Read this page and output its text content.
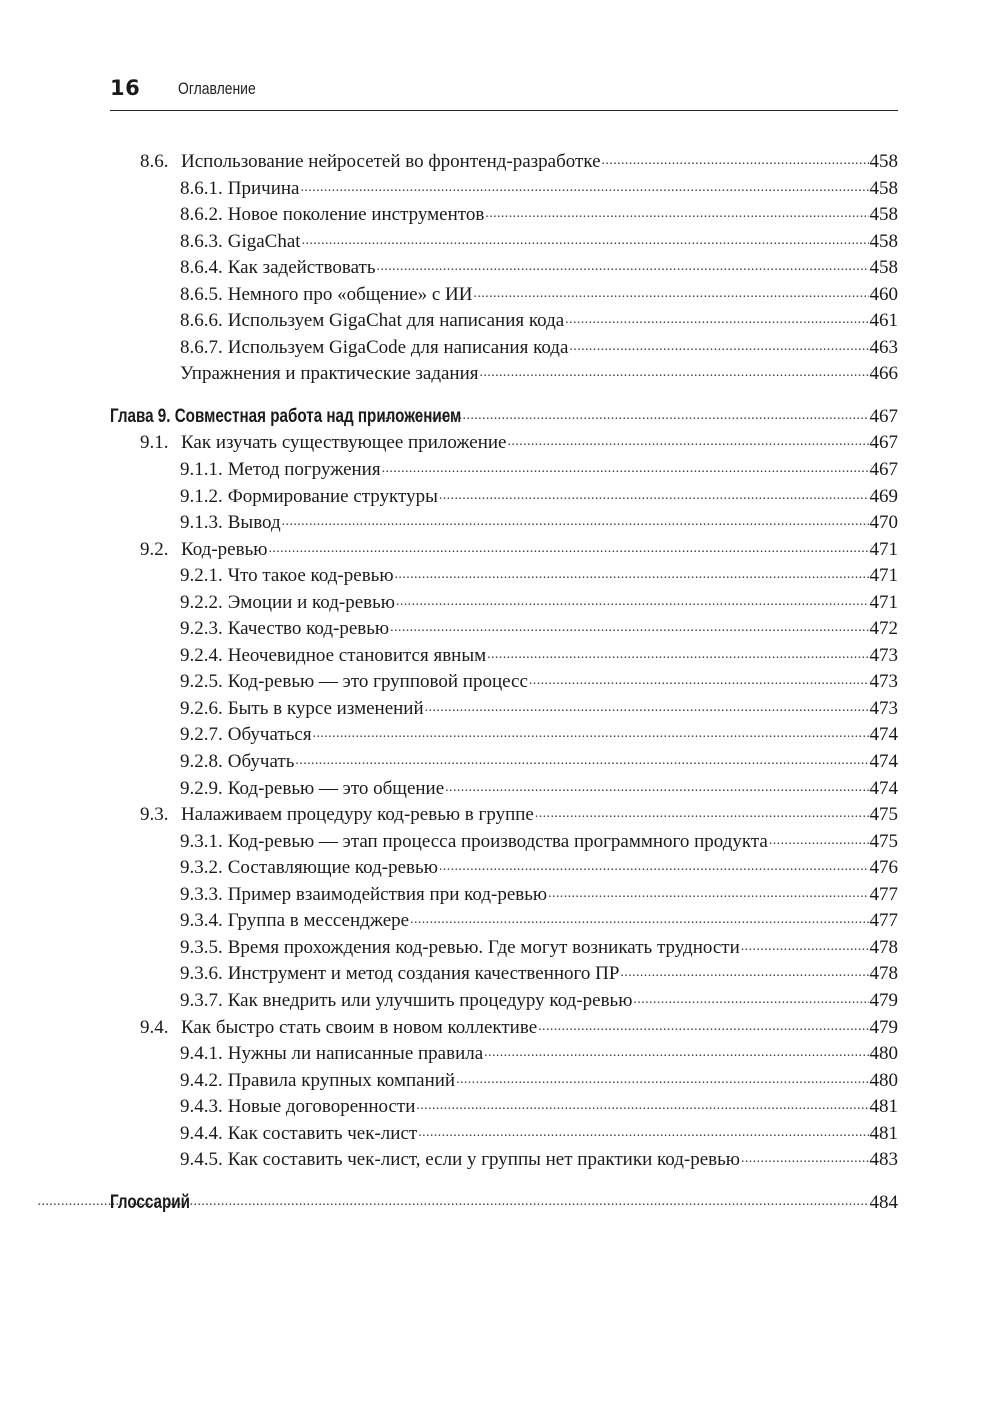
16 Оглавление
8.6. Использование нейросетей во фронтенд-разработке .....	458
8.6.1. Причина .....	458
8.6.2. Новое поколение инструментов .....	458
8.6.3. GigaChat .....	458
8.6.4. Как задействовать .....	458
8.6.5. Немного про «общение» с ИИ .....	460
8.6.6. Используем GigaChat для написания кода .....	461
8.6.7. Используем GigaCode для написания кода .....	463
Упражнения и практические задания .....	466
Глава 9. Совместная работа над приложением .....	467
9.1. Как изучать существующее приложение .....	467
9.1.1. Метод погружения .....	467
9.1.2. Формирование структуры .....	469
9.1.3. Вывод .....	470
9.2. Код-ревью .....	471
9.2.1. Что такое код-ревью .....	471
9.2.2. Эмоции и код-ревью .....	471
9.2.3. Качество код-ревью .....	472
9.2.4. Неочевидное становится явным .....	473
9.2.5. Код-ревью — это групповой процесс .....	473
9.2.6. Быть в курсе изменений .....	473
9.2.7. Обучаться .....	474
9.2.8. Обучать .....	474
9.2.9. Код-ревью — это общение .....	474
9.3. Налаживаем процедуру код-ревью в группе .....	475
9.3.1. Код-ревью — этап процесса производства программного продукта .....	475
9.3.2. Составляющие код-ревью .....	476
9.3.3. Пример взаимодействия при код-ревью .....	477
9.3.4. Группа в мессенджере .....	477
9.3.5. Время прохождения код-ревью. Где могут возникать трудности .....	478
9.3.6. Инструмент и метод создания качественного ПР .....	478
9.3.7. Как внедрить или улучшить процедуру код-ревью .....	479
9.4. Как быстро стать своим в новом коллективе .....	479
9.4.1. Нужны ли написанные правила .....	480
9.4.2. Правила крупных компаний .....	480
9.4.3. Новые договоренности .....	481
9.4.4. Как составить чек-лист .....	481
9.4.5. Как составить чек-лист, если у группы нет практики код-ревью .....	483
Глоссарий .....	484
